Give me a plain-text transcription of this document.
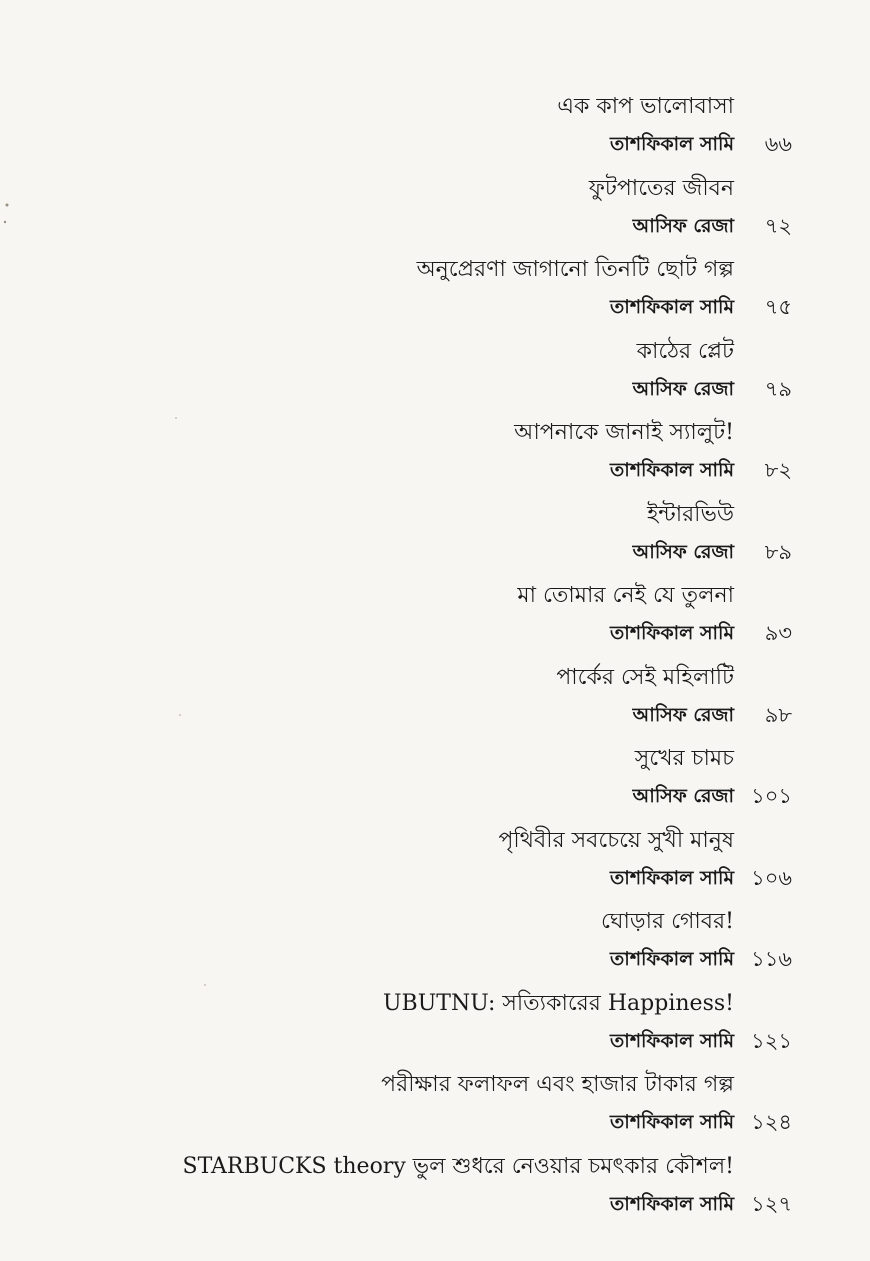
এক কাপ ভালোবাসা
তাশফিকাল সামি	৬৬
ফুটপাতের জীবন
আসিফ রেজা	৭২
অনুপ্রেরণা জাগানো তিনটি ছোট গল্প
তাশফিকাল সামি	৭৫
কাঠের প্লেট
আসিফ রেজা	৭৯
আপনাকে জানাই স্যালুট!
তাশফিকাল সামি	৮২
ইন্টারভিউ
আসিফ রেজা	৮৯
মা তোমার নেই যে তুলনা
তাশফিকাল সামি	৯৩
পার্কের সেই মহিলাটি
আসিফ রেজা	৯৮
সুখের চামচ
আসিফ রেজা ১০১
পৃথিবীর সবচেয়ে সুখী মানুষ
তাশফিকাল সামি ১০৬
ঘোড়ার গোবর!
তাশফিকাল সামি ১১৬
UBUTNU: সত্যিকারের Happiness!
তাশফিকাল সামি ১২১
পরীক্ষার ফলাফল এবং হাজার টাকার গল্প
তাশফিকাল সামি ১২৪
STARBUCKS theory ভুল শুধরে নেওয়ার চমৎকার কৌশল!
তাশফিকাল সামি ১২৭
